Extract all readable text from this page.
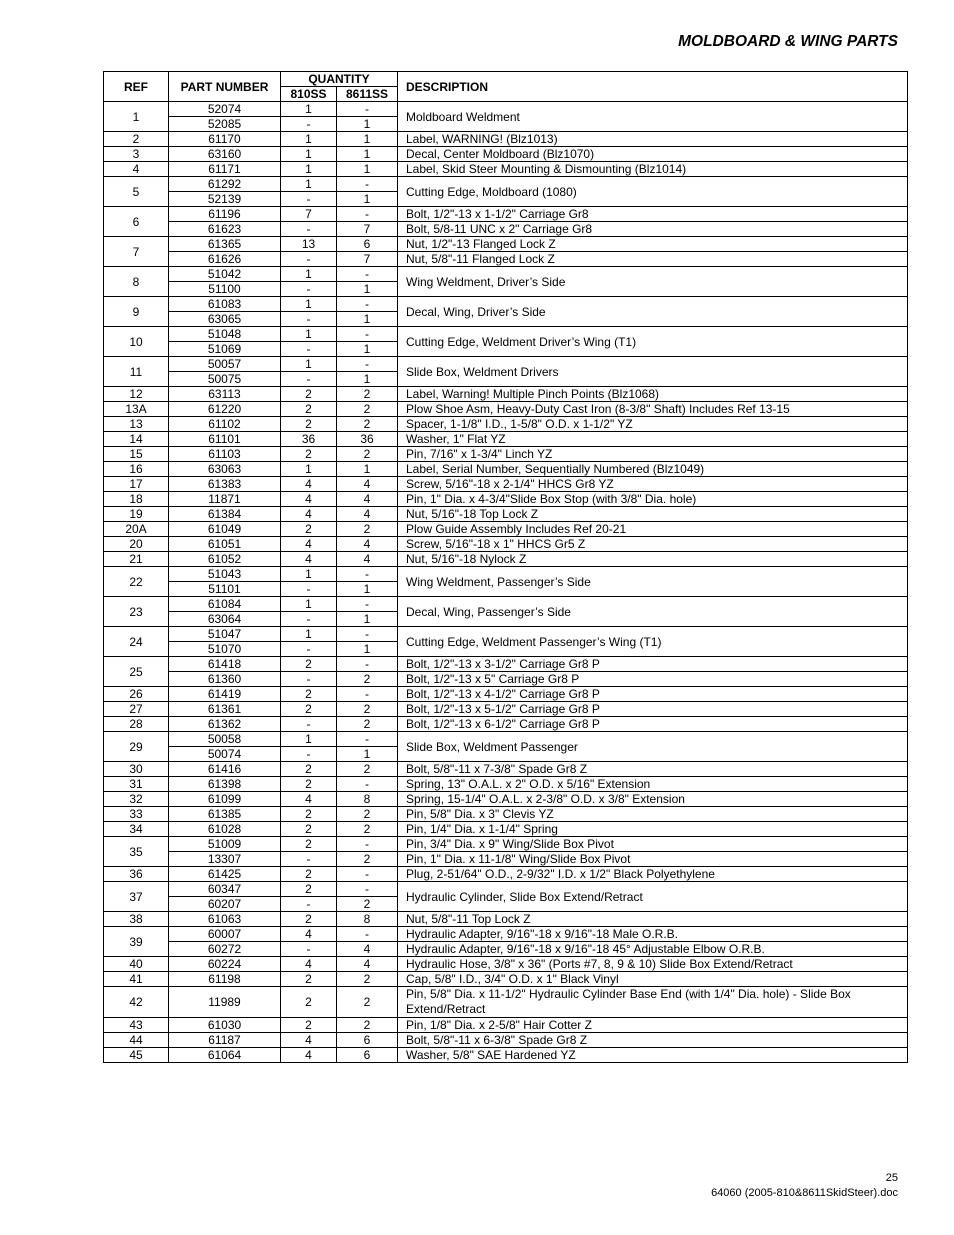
MOLDBOARD & WING PARTS
REF	PART NUMBER	QUANTITY		DESCRIPTION
		810SS	8611SS	
1	52074	1	-	Moldboard Weldment
	52085	-	1	
2	61170	1	1	Label, WARNING! (Blz1013)
3	63160	1	1	Decal, Center Moldboard (Blz1070)
4	61171	1	1	Label, Skid Steer Mounting & Dismounting (Blz1014)
5	61292	1	-	Cutting Edge, Moldboard (1080)
	52139	-	1	
6	61196	7	-	Bolt, 1/2"-13 x 1-1/2" Carriage Gr8
	61623	-	7	Bolt, 5/8-11 UNC x 2" Carriage Gr8
7	61365	13	6	Nut, 1/2"-13 Flanged Lock Z
	61626	-	7	Nut, 5/8"-11 Flanged Lock Z
8	51042	1	-	Wing Weldment, Driver’s Side
	51100	-	1	
9	61083	1	-	Decal, Wing, Driver’s Side
	63065	-	1	
10	51048	1	-	Cutting Edge, Weldment Driver’s Wing (T1)
	51069	-	1	
11	50057	1	-	Slide Box, Weldment Drivers
	50075	-	1	
12	63113	2	2	Label, Warning! Multiple Pinch Points (Blz1068)
13A	61220	2	2	Plow Shoe Asm, Heavy-Duty Cast Iron (8-3/8" Shaft) Includes Ref 13-15
13	61102	2	2	Spacer, 1-1/8" I.D., 1-5/8" O.D. x 1-1/2" YZ
14	61101	36	36	Washer, 1" Flat YZ
15	61103	2	2	Pin, 7/16" x 1-3/4" Linch YZ
16	63063	1	1	Label, Serial Number, Sequentially Numbered (Blz1049)
17	61383	4	4	Screw, 5/16"-18 x 2-1/4" HHCS Gr8 YZ
18	11871	4	4	Pin, 1" Dia. x 4-3/4"Slide Box Stop (with 3/8" Dia. hole)
19	61384	4	4	Nut, 5/16"-18 Top Lock Z
20A	61049	2	2	Plow Guide Assembly Includes Ref 20-21
20	61051	4	4	Screw, 5/16"-18 x 1" HHCS Gr5 Z
21	61052	4	4	Nut, 5/16"-18 Nylock Z
22	51043	1	-	Wing Weldment, Passenger’s Side
	51101	-	1	
23	61084	1	-	Decal, Wing, Passenger’s Side
	63064	-	1	
24	51047	1	-	Cutting Edge, Weldment Passenger’s Wing (T1)
	51070	-	1	
25	61418	2	-	Bolt, 1/2"-13 x 3-1/2" Carriage Gr8 P
	61360	-	2	Bolt, 1/2"-13 x 5" Carriage Gr8 P
26	61419	2	-	Bolt, 1/2"-13 x 4-1/2" Carriage Gr8 P
27	61361	2	2	Bolt, 1/2"-13 x 5-1/2" Carriage Gr8 P
28	61362	-	2	Bolt, 1/2"-13 x 6-1/2" Carriage Gr8 P
29	50058	1	-	Slide Box, Weldment Passenger
	50074	-	1	
30	61416	2	2	Bolt, 5/8"-11 x 7-3/8" Spade Gr8 Z
31	61398	2	-	Spring, 13" O.A.L. x 2" O.D. x 5/16" Extension
32	61099	4	8	Spring, 15-1/4" O.A.L. x 2-3/8" O.D. x 3/8" Extension
33	61385	2	2	Pin, 5/8" Dia. x 3" Clevis YZ
34	61028	2	2	Pin, 1/4" Dia. x 1-1/4" Spring
35	51009	2	-	Pin, 3/4" Dia. x 9" Wing/Slide Box Pivot
	13307	-	2	Pin, 1" Dia. x 11-1/8" Wing/Slide Box Pivot
36	61425	2	-	Plug, 2-51/64" O.D., 2-9/32" I.D. x 1/2" Black Polyethylene
37	60347	2	-	Hydraulic Cylinder, Slide Box Extend/Retract
	60207	-	2	
38	61063	2	8	Nut, 5/8"-11 Top Lock Z
39	60007	4	-	Hydraulic Adapter, 9/16"-18 x 9/16"-18 Male O.R.B.
	60272	-	4	Hydraulic Adapter, 9/16"-18 x 9/16"-18 45° Adjustable Elbow O.R.B.
40	60224	4	4	Hydraulic Hose, 3/8" x 36" (Ports #7, 8, 9 & 10) Slide Box Extend/Retract
41	61198	2	2	Cap, 5/8" I.D., 3/4" O.D. x 1" Black Vinyl
42	11989	2	2	Pin, 5/8" Dia. x 11-1/2" Hydraulic Cylinder Base End (with 1/4" Dia. hole) - Slide Box Extend/Retract
43	61030	2	2	Pin, 1/8" Dia. x 2-5/8" Hair Cotter Z
44	61187	4	6	Bolt, 5/8"-11 x 6-3/8" Spade Gr8 Z
45	61064	4	6	Washer, 5/8" SAE Hardened YZ
25
64060 (2005-810&8611SkidSteer).doc
